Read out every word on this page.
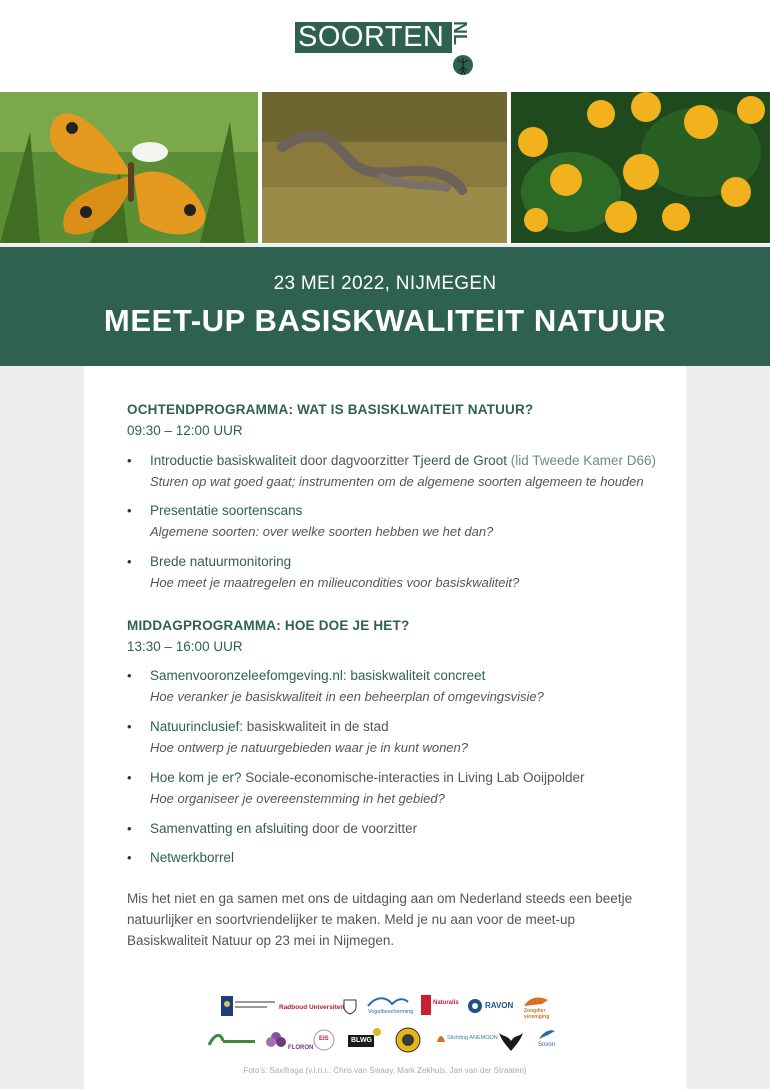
SOORTEN NL
23 MEI 2022, NIJMEGEN
MEET-UP BASISKWALITEIT NATUUR
OCHTENDPROGRAMMA: WAT IS BASISKLWAITEIT NATUUR?
09:30 – 12:00 UUR
• Introductie basiskwaliteit door dagvoorzitter Tjeerd de Groot (lid Tweede Kamer D66)
Sturen op wat goed gaat; instrumenten om de algemene soorten algemeen te houden
• Presentatie soortenscans
Algemene soorten: over welke soorten hebben we het dan?
• Brede natuurmonitoring
Hoe meet je maatregelen en milieucondities voor basiskwaliteit?
MIDDAGPROGRAMMA: HOE DOE JE HET?
13:30 – 16:00 UUR
• Samenvooronzeleefomgeving.nl: basiskwaliteit concreet
Hoe veranker je basiskwaliteit in een beheerplan of omgevingsvisie?
• Natuurinclusief: basiskwaliteit in de stad
Hoe ontwerp je natuurgebieden waar je in kunt wonen?
• Hoe kom je er? Sociale-economische-interacties in Living Lab Ooijpolder
Hoe organiseer je overeenstemming in het gebied?
• Samenvatting en afsluiting door de voorzitter
• Netwerkborrel
Mis het niet en ga samen met ons de uitdaging aan om Nederland steeds een beetje natuurlijker en soortvriendelijker te maken. Meld je nu aan voor de meet-up Basiskwaliteit Natuur op 23 mei in Nijmegen.
Radboud Universiteit
Vogelbescherming
Naturalis	RAVON
Zoogdier vereniging
FLORON
EIS	BLWG	Stichting ANEMOON
Sovon
Foto's: Saxifraga (v.l.n.r.: Chris van Swaay, Mark Zekhuis, Jan van der Straaten)
